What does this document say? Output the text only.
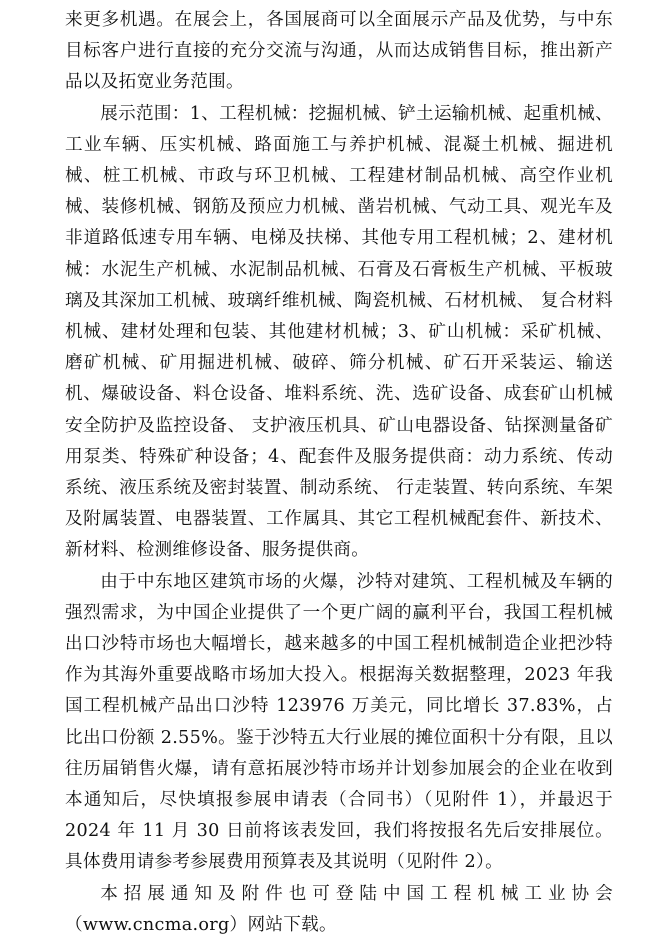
来更多机遇。在展会上，各国展商可以全面展示产品及优势，与中东目标客户进行直接的充分交流与沟通，从而达成销售目标，推出新产品以及拓宽业务范围。

展示范围：1、工程机械：挖掘机械、铲土运输机械、起重机械、工业车辆、压实机械、路面施工与养护机械、混凝土机械、掘进机械、桩工机械、市政与环卫机械、工程建材制品机械、高空作业机械、装修机械、钢筋及预应力机械、凿岩机械、气动工具、观光车及非道路低速专用车辆、电梯及扶梯、其他专用工程机械；2、建材机械：水泥生产机械、水泥制品机械、石膏及石膏板生产机械、平板玻璃及其深加工机械、玻璃纤维机械、陶瓷机械、石材机械、 复合材料机械、建材处理和包装、其他建材机械；3、矿山机械：采矿机械、磨矿机械、矿用掘进机械、破碎、筛分机械、矿石开采装运、输送机、爆破设备、料仓设备、堆料系统、洗、选矿设备、成套矿山机械安全防护及监控设备、 支护液压机具、矿山电器设备、钻探测量备矿用泵类、特殊矿种设备；4、配套件及服务提供商：动力系统、传动系统、液压系统及密封装置、制动系统、 行走装置、转向系统、车架及附属装置、电器装置、工作属具、其它工程机械配套件、新技术、新材料、检测维修设备、服务提供商。

由于中东地区建筑市场的火爆，沙特对建筑、工程机械及车辆的强烈需求，为中国企业提供了一个更广阔的赢利平台，我国工程机械出口沙特市场也大幅增长，越来越多的中国工程机械制造企业把沙特作为其海外重要战略市场加大投入。根据海关数据整理，2023 年我国工程机械产品出口沙特 123976 万美元，同比增长 37.83%，占比出口份额 2.55%。鉴于沙特五大行业展的摊位面积十分有限，且以往历届销售火爆，请有意拓展沙特市场并计划参加展会的企业在收到本通知后，尽快填报参展申请表（合同书）（见附件 1），并最迟于 2024 年 11 月 30 日前将该表发回，我们将按报名先后安排展位。具体费用请参考参展费用预算表及其说明（见附件 2）。

本招展通知及附件也可登陆中国工程机械工业协会（www.cncma.org）网站下载。
